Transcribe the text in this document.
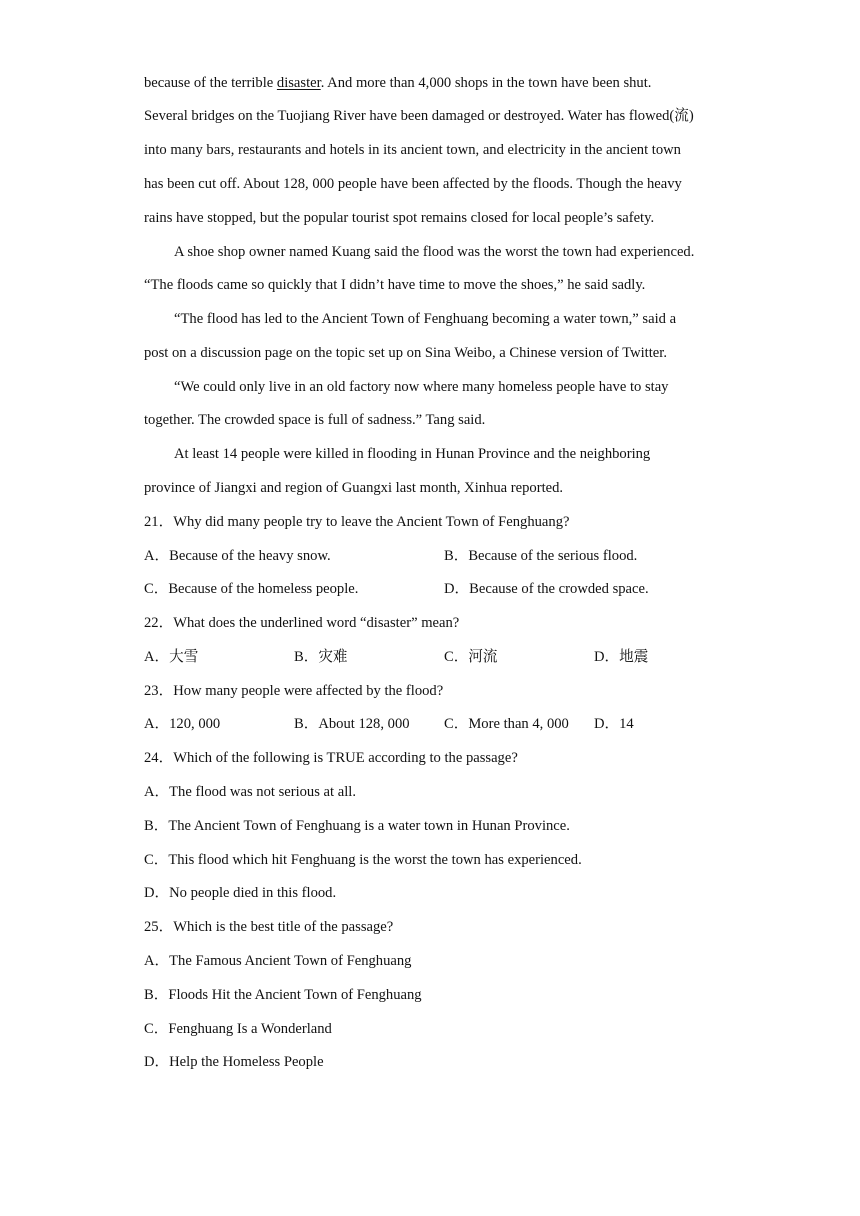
because of the terrible disaster. And more than 4,000 shops in the town have been shut.
Several bridges on the Tuojiang River have been damaged or destroyed. Water has flowed(流)
into many bars, restaurants and hotels in its ancient town, and electricity in the ancient town
has been cut off. About 128, 000 people have been affected by the floods. Though the heavy
rains have stopped, but the popular tourist spot remains closed for local people’s safety.
A shoe shop owner named Kuang said the flood was the worst the town had experienced.
“The floods came so quickly that I didn’t have time to move the shoes,” he said sadly.
“The flood has led to the Ancient Town of Fenghuang becoming a water town,” said a
post on a discussion page on the topic set up on Sina Weibo, a Chinese version of Twitter.
“We could only live in an old factory now where many homeless people have to stay
together. The crowded space is full of sadness.” Tang said.
At least 14 people were killed in flooding in Hunan Province and the neighboring
province of Jiangxi and region of Guangxi last month, Xinhua reported.
21．Why did many people try to leave the Ancient Town of Fenghuang?
A．Because of the heavy snow.	B．Because of the serious flood.
C．Because of the homeless people.	D．Because of the crowded space.
22．What does the underlined word “disaster” mean?
A．大雪	B．灾难	C．河流	D．地震
23．How many people were affected by the flood?
A．120, 000	B．About 128, 000 C．More than 4, 000 D．14
24．Which of the following is TRUE according to the passage?
A．The flood was not serious at all.
B．The Ancient Town of Fenghuang is a water town in Hunan Province.
C．This flood which hit Fenghuang is the worst the town has experienced.
D．No people died in this flood.
25．Which is the best title of the passage?
A．The Famous Ancient Town of Fenghuang
B．Floods Hit the Ancient Town of Fenghuang
C．Fenghuang Is a Wonderland
D．Help the Homeless People
